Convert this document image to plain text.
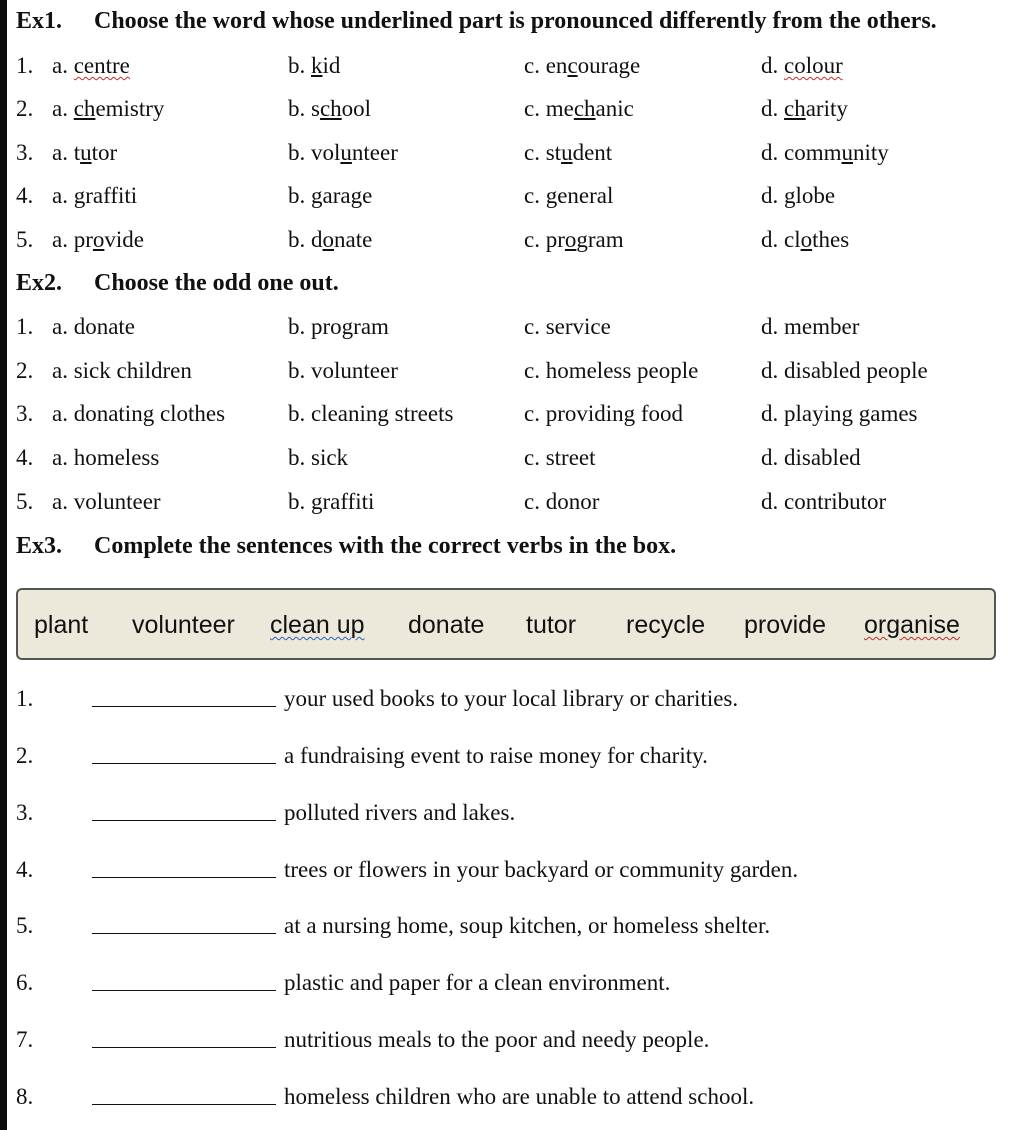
Ex1. Choose the word whose underlined part is pronounced differently from the others.
1. a. centre	b. kid	c. encourage	d. colour
2. a. chemistry	b. school	c. mechanic	d. charity
3. a. tutor	b. volunteer	c. student	d. community
4. a. graffiti	b. garage	c. general	d. globe
5. a. provide	b. donate	c. program	d. clothes
Ex2. Choose the odd one out.
1. a. donate	b. program	c. service	d. member
2. a. sick children	b. volunteer	c. homeless people	d. disabled people
3. a. donating clothes	b. cleaning streets	c. providing food	d. playing games
4. a. homeless	b. sick	c. street	d. disabled
5. a. volunteer	b. graffiti	c. donor	d. contributor
Ex3. Complete the sentences with the correct verbs in the box.
plant volunteer clean up donate tutor recycle provide organise
1.	your used books to your local library or charities.
2.	a fundraising event to raise money for charity.
3.	polluted rivers and lakes.
4.	trees or flowers in your backyard or community garden.
5.	at a nursing home, soup kitchen, or homeless shelter.
6.	plastic and paper for a clean environment.
7.	nutritious meals to the poor and needy people.
8.	homeless children who are unable to attend school.
